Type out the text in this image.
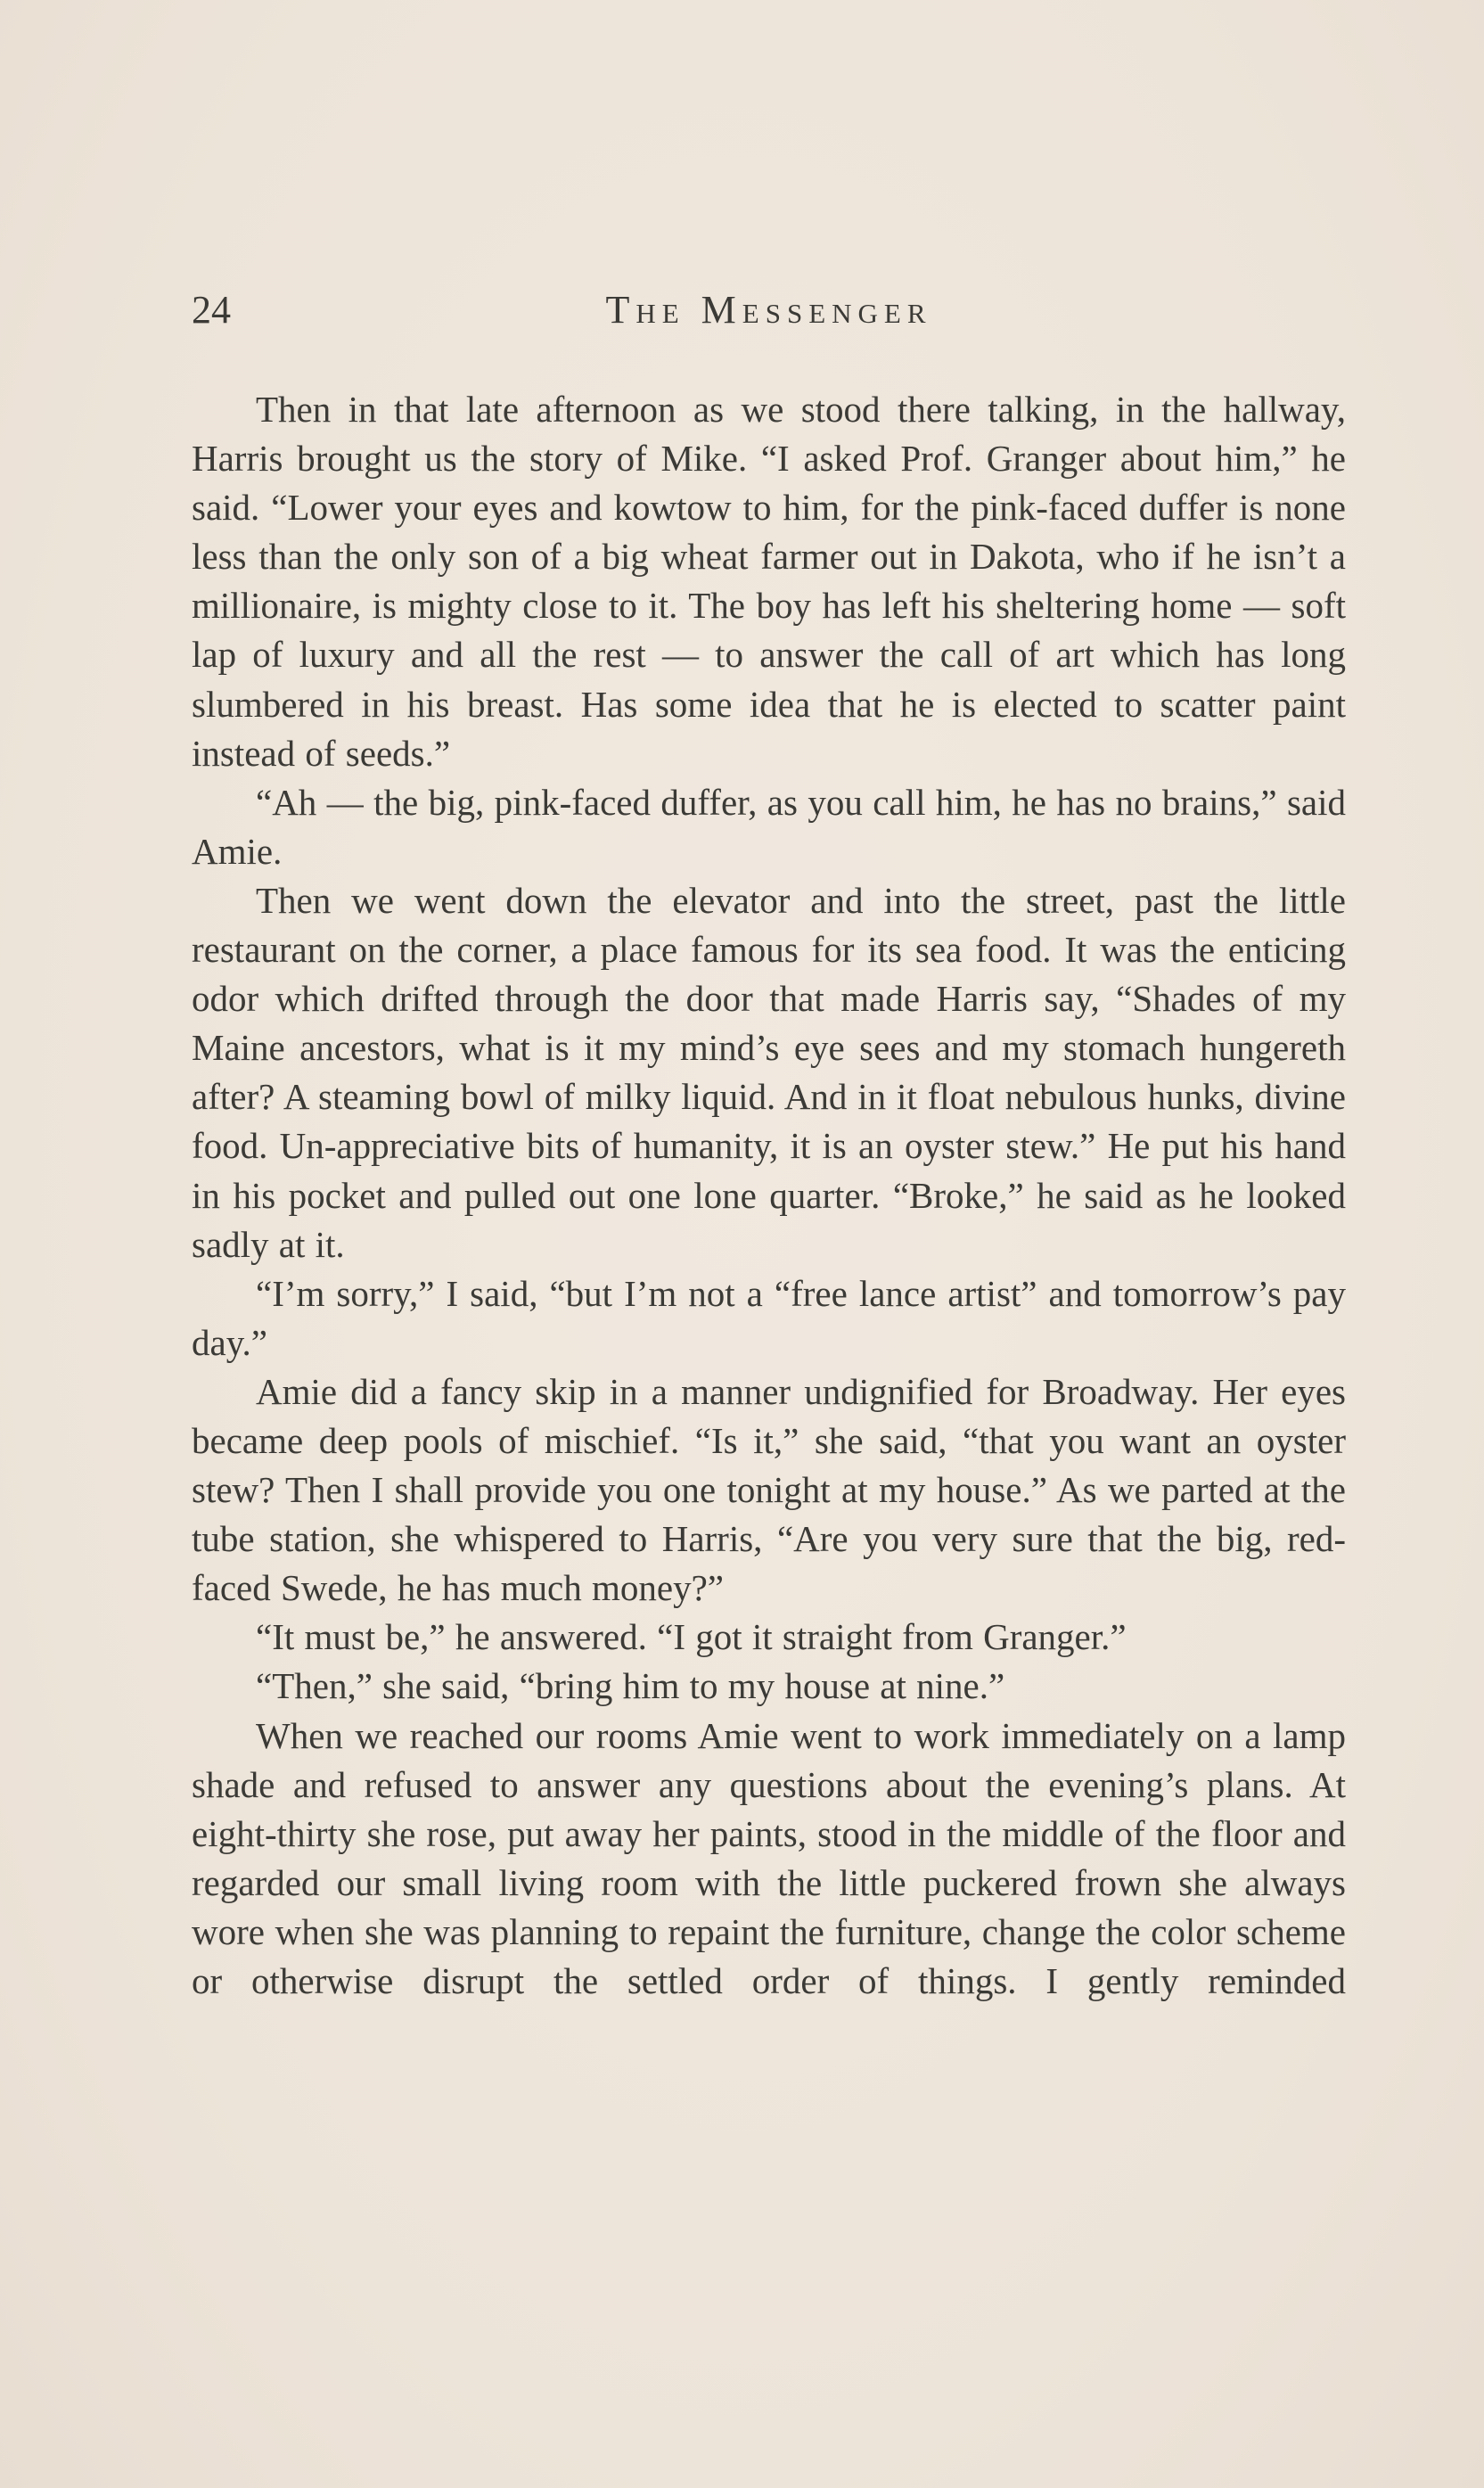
24	The Messenger

Then in that late afternoon as we stood there talking, in the hallway, Harris brought us the story of Mike. “I asked Prof. Granger about him,” he said. “Lower your eyes and kowtow to him, for the pink-faced duffer is none less than the only son of a big wheat farmer out in Dakota, who if he isn’t a millionaire, is mighty close to it. The boy has left his sheltering home — soft lap of luxury and all the rest — to answer the call of art which has long slumbered in his breast. Has some idea that he is elected to scatter paint instead of seeds.”

“Ah — the big, pink-faced duffer, as you call him, he has no brains,” said Amie.

Then we went down the elevator and into the street, past the little restaurant on the corner, a place famous for its sea food. It was the enticing odor which drifted through the door that made Harris say, “Shades of my Maine ancestors, what is it my mind’s eye sees and my stomach hungereth after? A steaming bowl of milky liquid. And in it float nebulous hunks, divine food. Un-appreciative bits of humanity, it is an oyster stew.” He put his hand in his pocket and pulled out one lone quarter. “Broke,” he said as he looked sadly at it.

“I’m sorry,” I said, “but I’m not a “free lance artist” and tomorrow’s pay day.”

Amie did a fancy skip in a manner undignified for Broadway. Her eyes became deep pools of mischief. “Is it,” she said, “that you want an oyster stew? Then I shall provide you one tonight at my house.” As we parted at the tube station, she whispered to Harris, “Are you very sure that the big, red-faced Swede, he has much money?”

“It must be,” he answered. “I got it straight from Granger.”

“Then,” she said, “bring him to my house at nine.”

When we reached our rooms Amie went to work immediately on a lamp shade and refused to answer any questions about the evening’s plans. At eight-thirty she rose, put away her paints, stood in the middle of the floor and regarded our small living room with the little puckered frown she always wore when she was planning to repaint the furniture, change the color scheme or otherwise disrupt the settled order of things. I gently reminded
